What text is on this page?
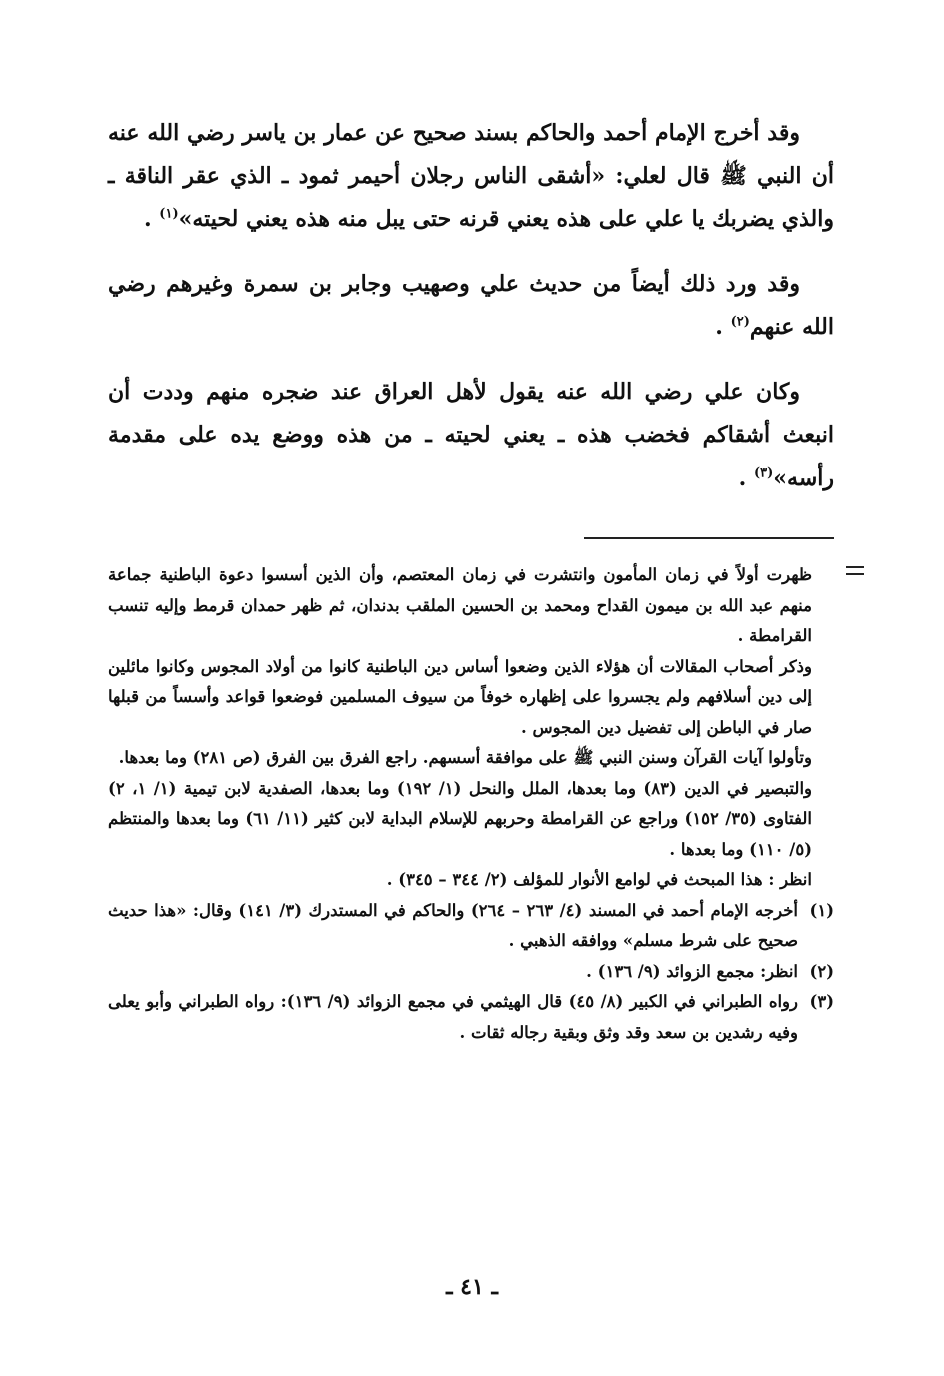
وقد أخرج الإمام أحمد والحاكم بسند صحيح عن عمار بن ياسر رضي الله عنه أن النبي ﷺ قال لعلي: «أشقى الناس رجلان أحيمر ثمود ـ الذي عقر الناقة ـ والذي يضربك يا علي على هذه يعني قرنه حتى يبل منه هذه يعني لحيته»$^{(١)}$ .

وقد ورد ذلك أيضاً من حديث علي وصهيب وجابر بن سمرة وغيرهم رضي الله عنهم$^{(٢)}$ .

وكان علي رضي الله عنه يقول لأهل العراق عند ضجره منهم وددت أن انبعث أشقاكم فخضب هذه ـ يعني لحيته ـ من هذه ووضع يده على مقدمة رأسه»$^{(٣)}$ .

ظهرت أولاً في زمان المأمون وانتشرت في زمان المعتصم، وأن الذين أسسوا دعوة الباطنية جماعة منهم عبد الله بن ميمون القداح ومحمد بن الحسين الملقب بدندان، ثم ظهر حمدان قرمط وإليه تنسب القرامطة .
وذكر أصحاب المقالات أن هؤلاء الذين وضعوا أساس دين الباطنية كانوا من أولاد المجوس وكانوا مائلين إلى دين أسلافهم ولم يجسروا على إظهاره خوفاً من سيوف المسلمين فوضعوا قواعد وأسساً من قبلها صار في الباطن إلى تفضيل دين المجوس .
وتأولوا آيات القرآن وسنن النبي ﷺ على موافقة أسسهم. راجع الفرق بين الفرق (ص ٢٨١) وما بعدها.
والتبصير في الدين (٨٣) وما بعدها، الملل والنحل (١/ ١٩٢) وما بعدها، الصفدية لابن تيمية (١/ ١، ٢) الفتاوى (٣٥/ ١٥٢) وراجع عن القرامطة وحربهم للإسلام البداية لابن كثير (١١/ ٦١) وما بعدها والمنتظم (٥/ ١١٠) وما بعدها .
انظر : هذا المبحث في لوامع الأنوار للمؤلف (٢/ ٣٤٤ – ٣٤٥) .
(١)
أخرجه الإمام أحمد في المسند (٤/ ٢٦٣ – ٢٦٤) والحاكم في المستدرك (٣/ ١٤١) وقال: «هذا حديث صحيح على شرط مسلم» ووافقه الذهبي .
(٢)
انظر: مجمع الزوائد (٩/ ١٣٦) .
(٣)
رواه الطبراني في الكبير (٨/ ٤٥) قال الهيثمي في مجمع الزوائد (٩/ ١٣٦): رواه الطبراني وأبو يعلى وفيه رشدين بن سعد وقد وثق وبقية رجاله ثقات .
ـ ٤١ ـ
